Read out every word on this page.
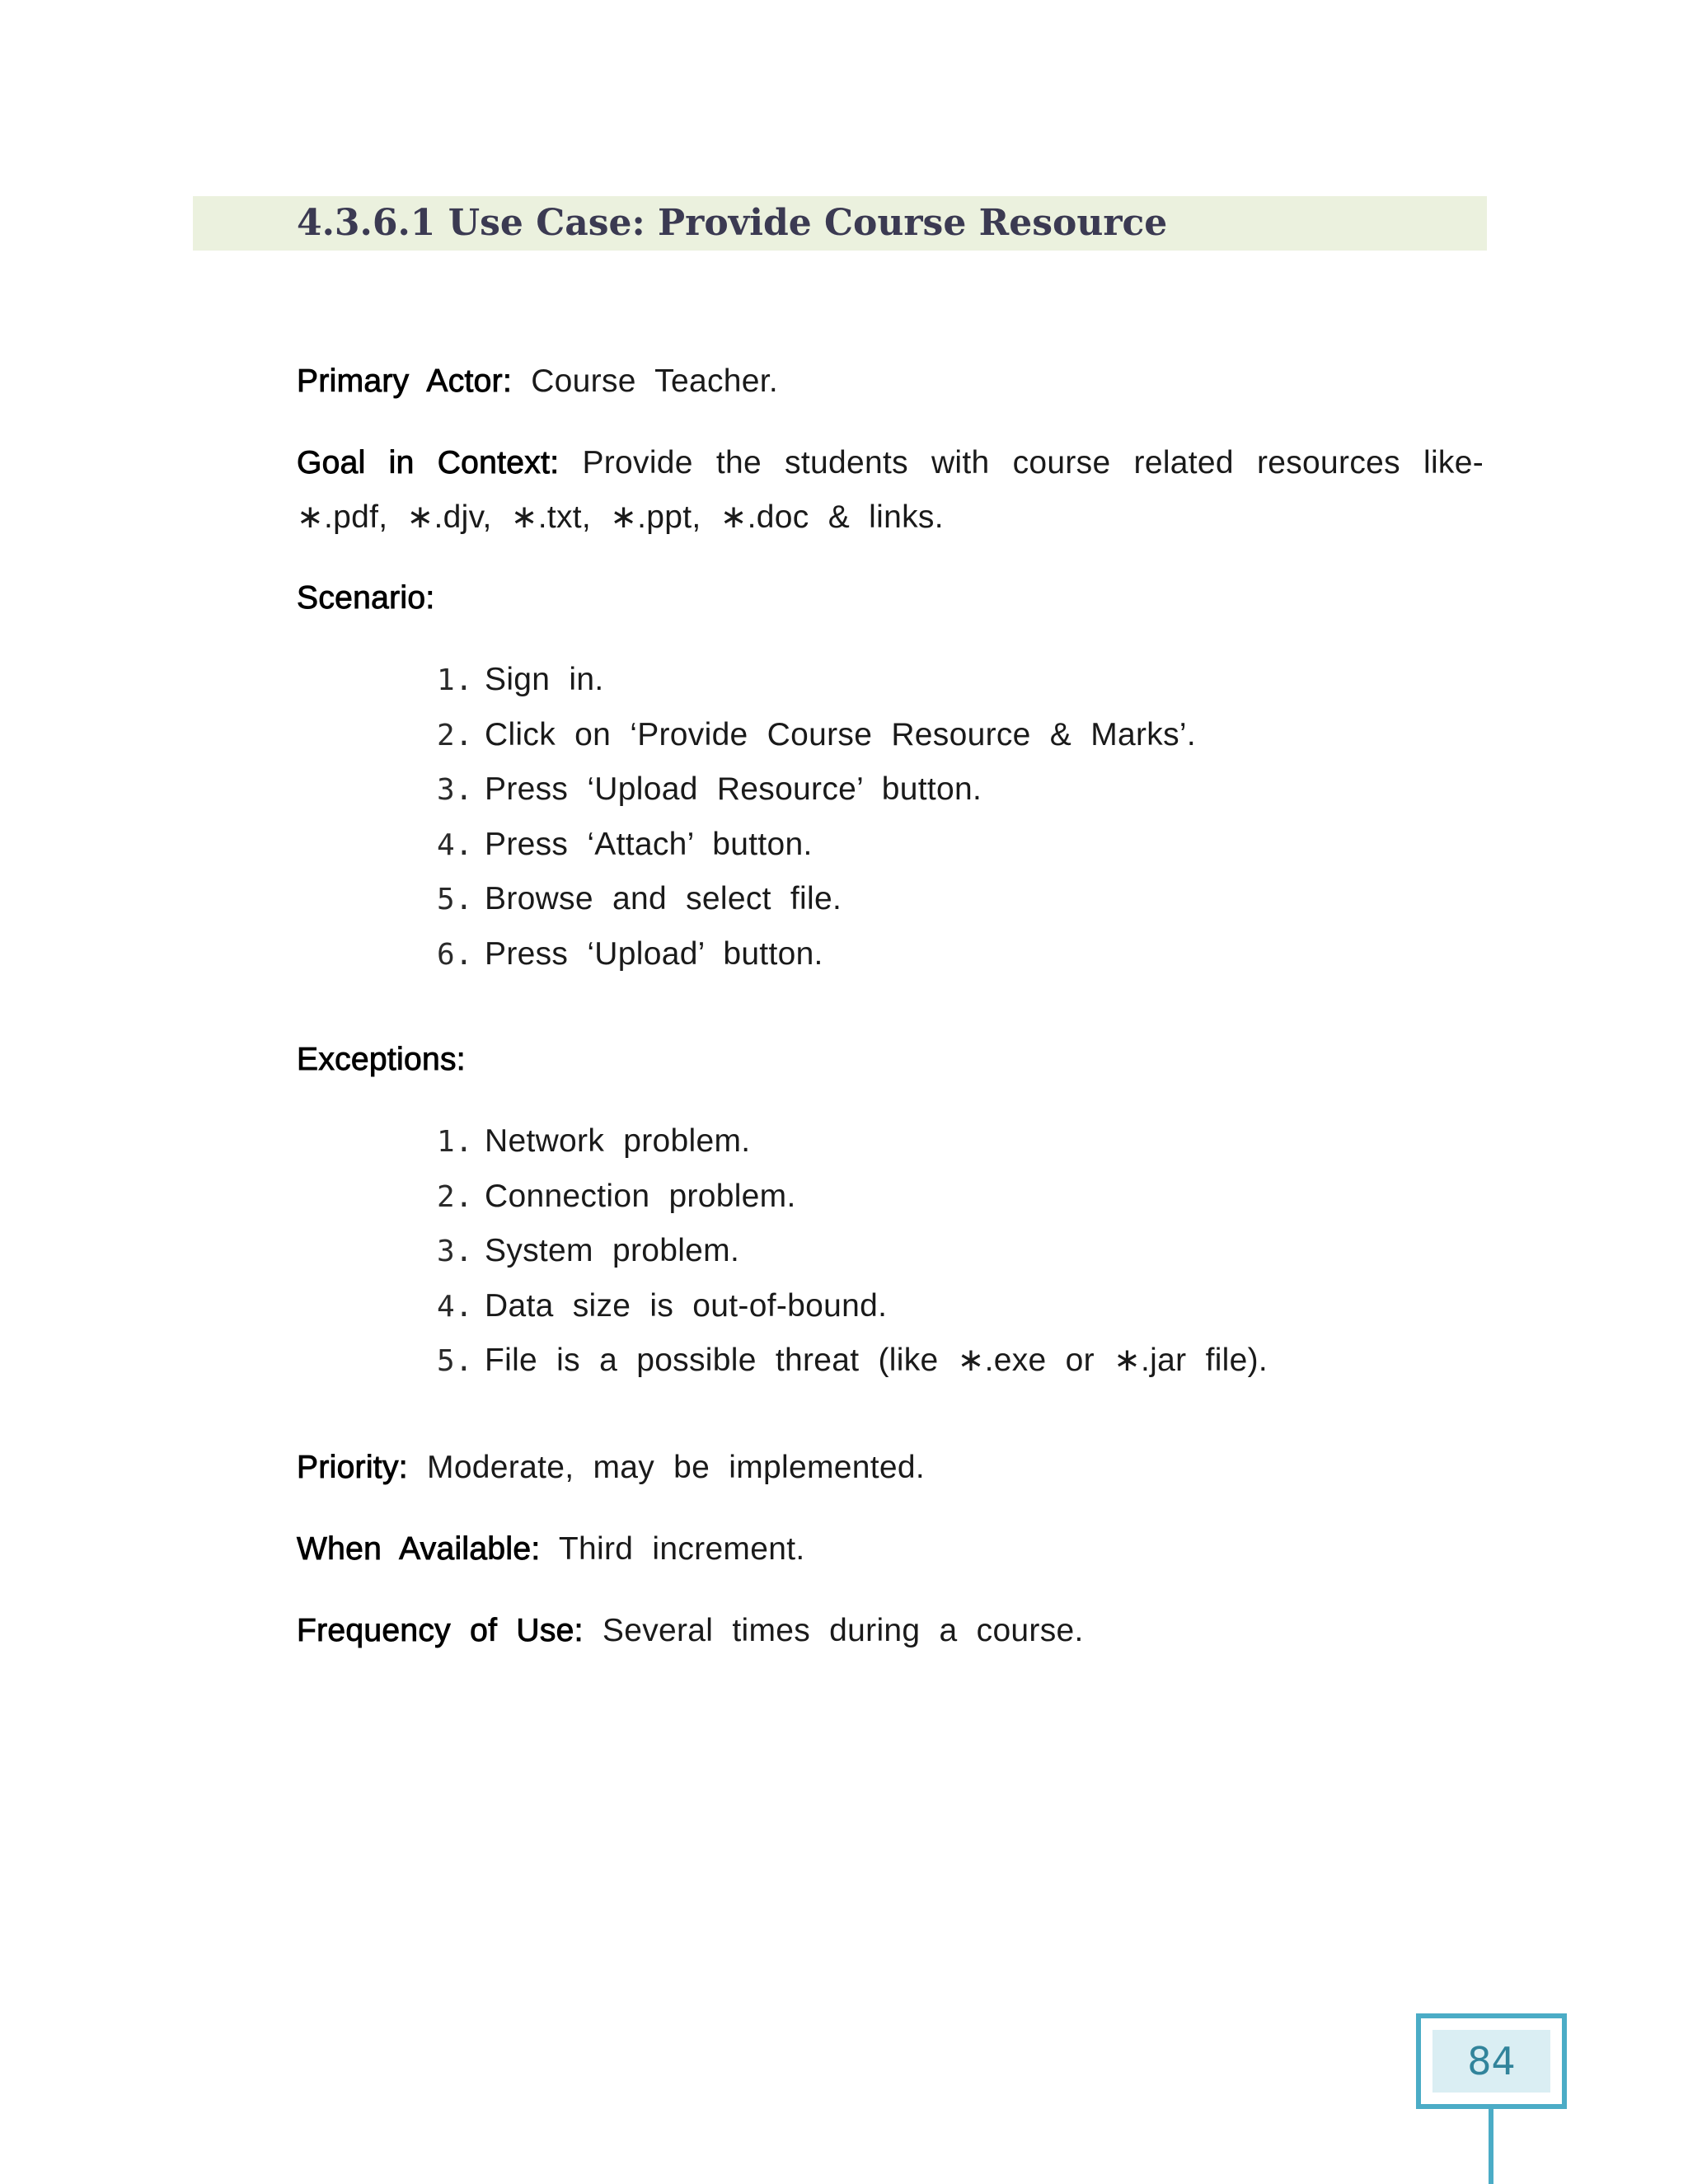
4.3.6.1 Use Case: Provide Course Resource
Primary Actor: Course Teacher.
Goal in Context: Provide the students with course related resources like- ∗.pdf, ∗.djv, ∗.txt, ∗.ppt, ∗.doc & links.
Scenario:
1. Sign in.
2. Click on ‘Provide Course Resource & Marks’.
3. Press ‘Upload Resource’ button.
4. Press ‘Attach’ button.
5. Browse and select file.
6. Press ‘Upload’ button.
Exceptions:
1. Network problem.
2. Connection problem.
3. System problem.
4. Data size is out-of-bound.
5. File is a possible threat (like ∗.exe or ∗.jar file).
Priority: Moderate, may be implemented.
When Available: Third increment.
Frequency of Use: Several times during a course.
84
